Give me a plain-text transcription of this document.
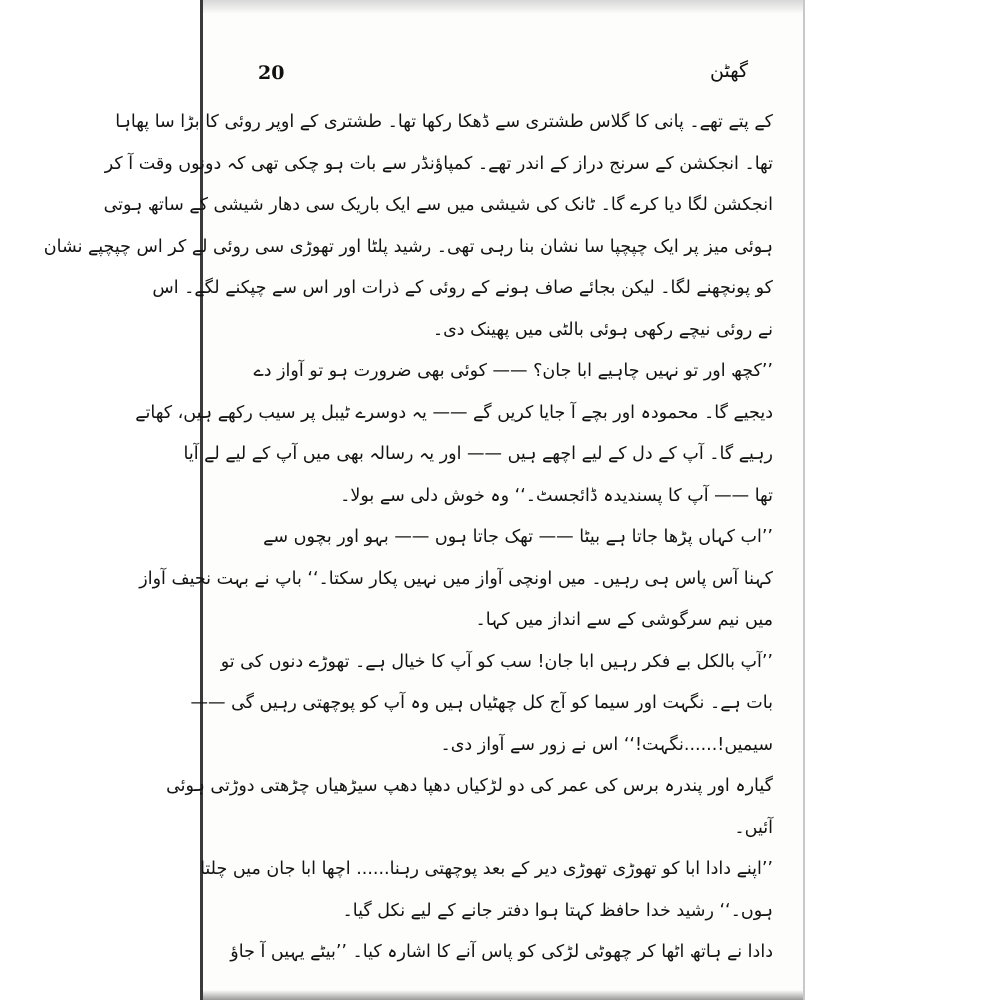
20	گھٹن
کے پتے تھے۔ پانی کا گلاس طشتری سے ڈھکا رکھا تھا۔ طشتری کے اوپر روئی کا بڑا سا پھاہا
تھا۔ انجکشن کے سرنج دراز کے اندر تھے۔ کمپاؤنڈر سے بات ہو چکی تھی کہ دونوں وقت آ کر
انجکشن لگا دیا کرے گا۔ ٹانک کی شیشی میں سے ایک باریک سی دھار شیشی کے ساتھ ہوتی
ہوئی میز پر ایک چپچپا سا نشان بنا رہی تھی۔ رشید پلٹا اور تھوڑی سی روئی لے کر اس چپچپے نشان
کو پونچھنے لگا۔ لیکن بجائے صاف ہونے کے روئی کے ذرات اور اس سے چپکنے لگے۔ اس
نے روئی نیچے رکھی ہوئی بالٹی میں پھینک دی۔
’’کچھ اور تو نہیں چاہیے ابا جان؟ —— کوئی بھی ضرورت ہو تو آواز دے
دیجیے گا۔ محمودہ اور بچے آ جایا کریں گے —— یہ دوسرے ٹیبل پر سیب رکھے ہیں، کھاتے
رہیے گا۔ آپ کے دل کے لیے اچھے ہیں —— اور یہ رسالہ بھی میں آپ کے لیے لے آیا
تھا —— آپ کا پسندیدہ ڈائجسٹ۔‘‘ وہ خوش دلی سے بولا۔
’’اب کہاں پڑھا جاتا ہے بیٹا —— تھک جاتا ہوں —— بہو اور بچوں سے
کہنا آس پاس ہی رہیں۔ میں اونچی آواز میں نہیں پکار سکتا۔‘‘ باپ نے بہت نحیف آواز
میں نیم سرگوشی کے سے انداز میں کہا۔
’’آپ بالکل بے فکر رہیں ابا جان! سب کو آپ کا خیال ہے۔ تھوڑے دنوں کی تو
بات ہے۔ نگہت اور سیما کو آج کل چھٹیاں ہیں وہ آپ کو پوچھتی رہیں گی ——
سیمیں!......نگہت!‘‘ اس نے زور سے آواز دی۔
گیارہ اور پندرہ برس کی عمر کی دو لڑکیاں دھپا دھپ سیڑھیاں چڑھتی دوڑتی ہوئی
آئیں۔
’’اپنے دادا ابا کو تھوڑی تھوڑی دیر کے بعد پوچھتی رہنا...... اچھا ابا جان میں چلتا
ہوں۔‘‘ رشید خدا حافظ کہتا ہوا دفتر جانے کے لیے نکل گیا۔
دادا نے ہاتھ اٹھا کر چھوٹی لڑکی کو پاس آنے کا اشارہ کیا۔ ’’بیٹے یہیں آ جاؤ
